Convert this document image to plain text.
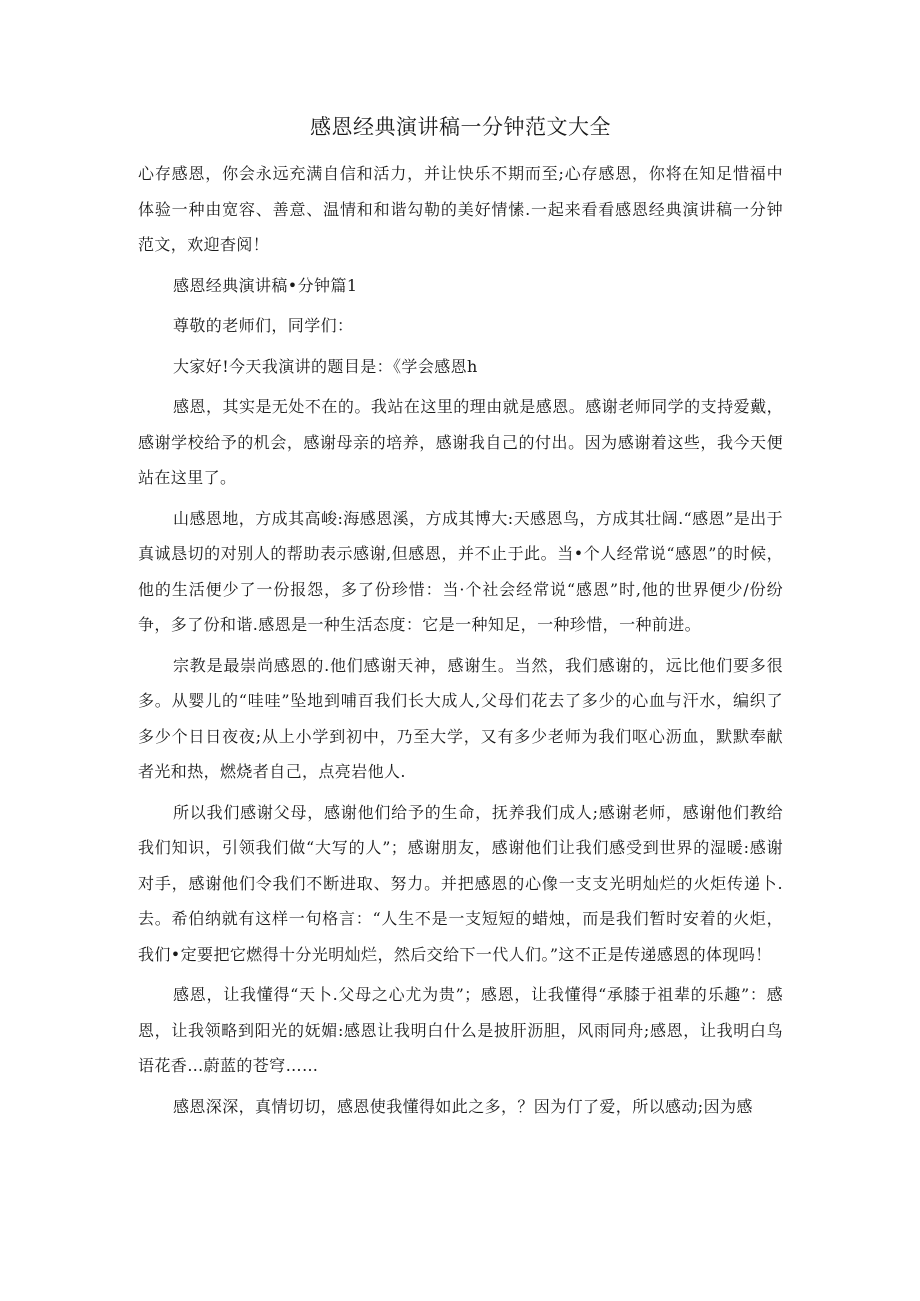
感恩经典演讲稿一分钟范文大全

心存感恩，你会永远充满自信和活力，并让快乐不期而至;心存感恩，你将在知足惜福中体验一种由宽容、善意、温情和和谐勾勒的美好情愫.一起来看看感恩经典演讲稿一分钟范文，欢迎杳阅！

感恩经典演讲稿•分钟篇1

尊敬的老师们，同学们：

大家好!今天我演讲的题目是：《学会感恩h

感恩，其实是无处不在的。我站在这里的理由就是感恩。感谢老师同学的支持爱戴，感谢学校给予的机会，感谢母亲的培养，感谢我自己的付出。因为感谢着这些，我今天便站在这里了。

山感恩地，方成其高峻:海感恩溪，方成其博大:天感恩鸟，方成其壮阔.“感恩”是出于真诚恳切的对别人的帮助表示感谢,但感恩，并不止于此。当•个人经常说“感恩”的时候，他的生活便少了一份报怨，多了份珍惜：当·个社会经常说“感恩”时,他的世界便少/份纷争，多了份和谐.感恩是一种生活态度：它是一种知足，一种珍惜，一种前进。

宗教是最崇尚感恩的.他们感谢天神，感谢生。当然，我们感谢的，远比他们要多很多。从婴儿的“哇哇”坠地到哺百我们长大成人,父母们花去了多少的心血与汗水，编织了多少个日日夜夜;从上小学到初中，乃至大学，又有多少老师为我们呕心沥血，默默奉献者光和热，燃烧者自己，点亮岩他人.

所以我们感谢父母，感谢他们给予的生命，抚养我们成人;感谢老师，感谢他们教给我们知识，引领我们做“大写的人”；感谢朋友，感谢他们让我们感受到世界的湿暖:感谢对手，感谢他们令我们不断进取、努力。并把感恩的心像一支支光明灿烂的火炬传递卜.去。希伯纳就有这样一句格言：“人生不是一支短短的蜡烛，而是我们暂时安着的火炬，我们•定要把它燃得十分光明灿烂，然后交给下一代人们。”这不正是传递感恩的体现吗！

感恩，让我懂得“天卜.父母之心尤为贵”；感恩，让我懂得“承膝于祖辈的乐趣”：感恩，让我领略到阳光的妩媚:感恩让我明白什么是披肝沥胆，风雨同舟;感恩，让我明白鸟语花香…蔚蓝的苍穹……

感恩深深，真情切切，感恩使我懂得如此之多，？因为仃了爱，所以感动;因为感
